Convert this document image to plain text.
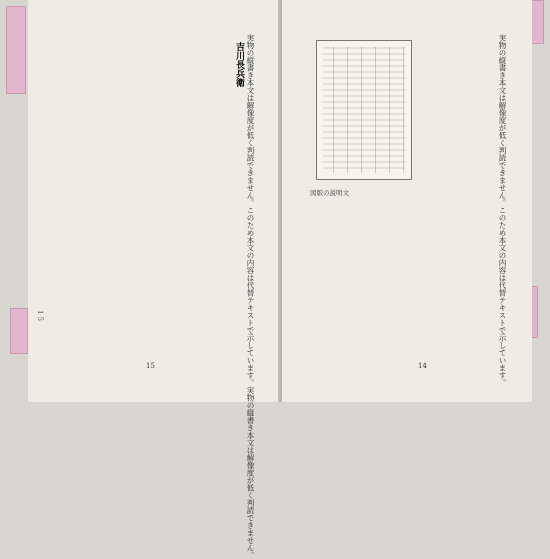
吉川長兵衛 実物の縦書き本文は解像度が低く判読できません。このため本文の内容は代替テキストで示しています。実物の縦書き本文は解像度が低く判読できません。
1 5
15
図版の説明文	実物の縦書き本文は解像度が低く判読できません。このため本文の内容は代替テキストで示しています。
14
